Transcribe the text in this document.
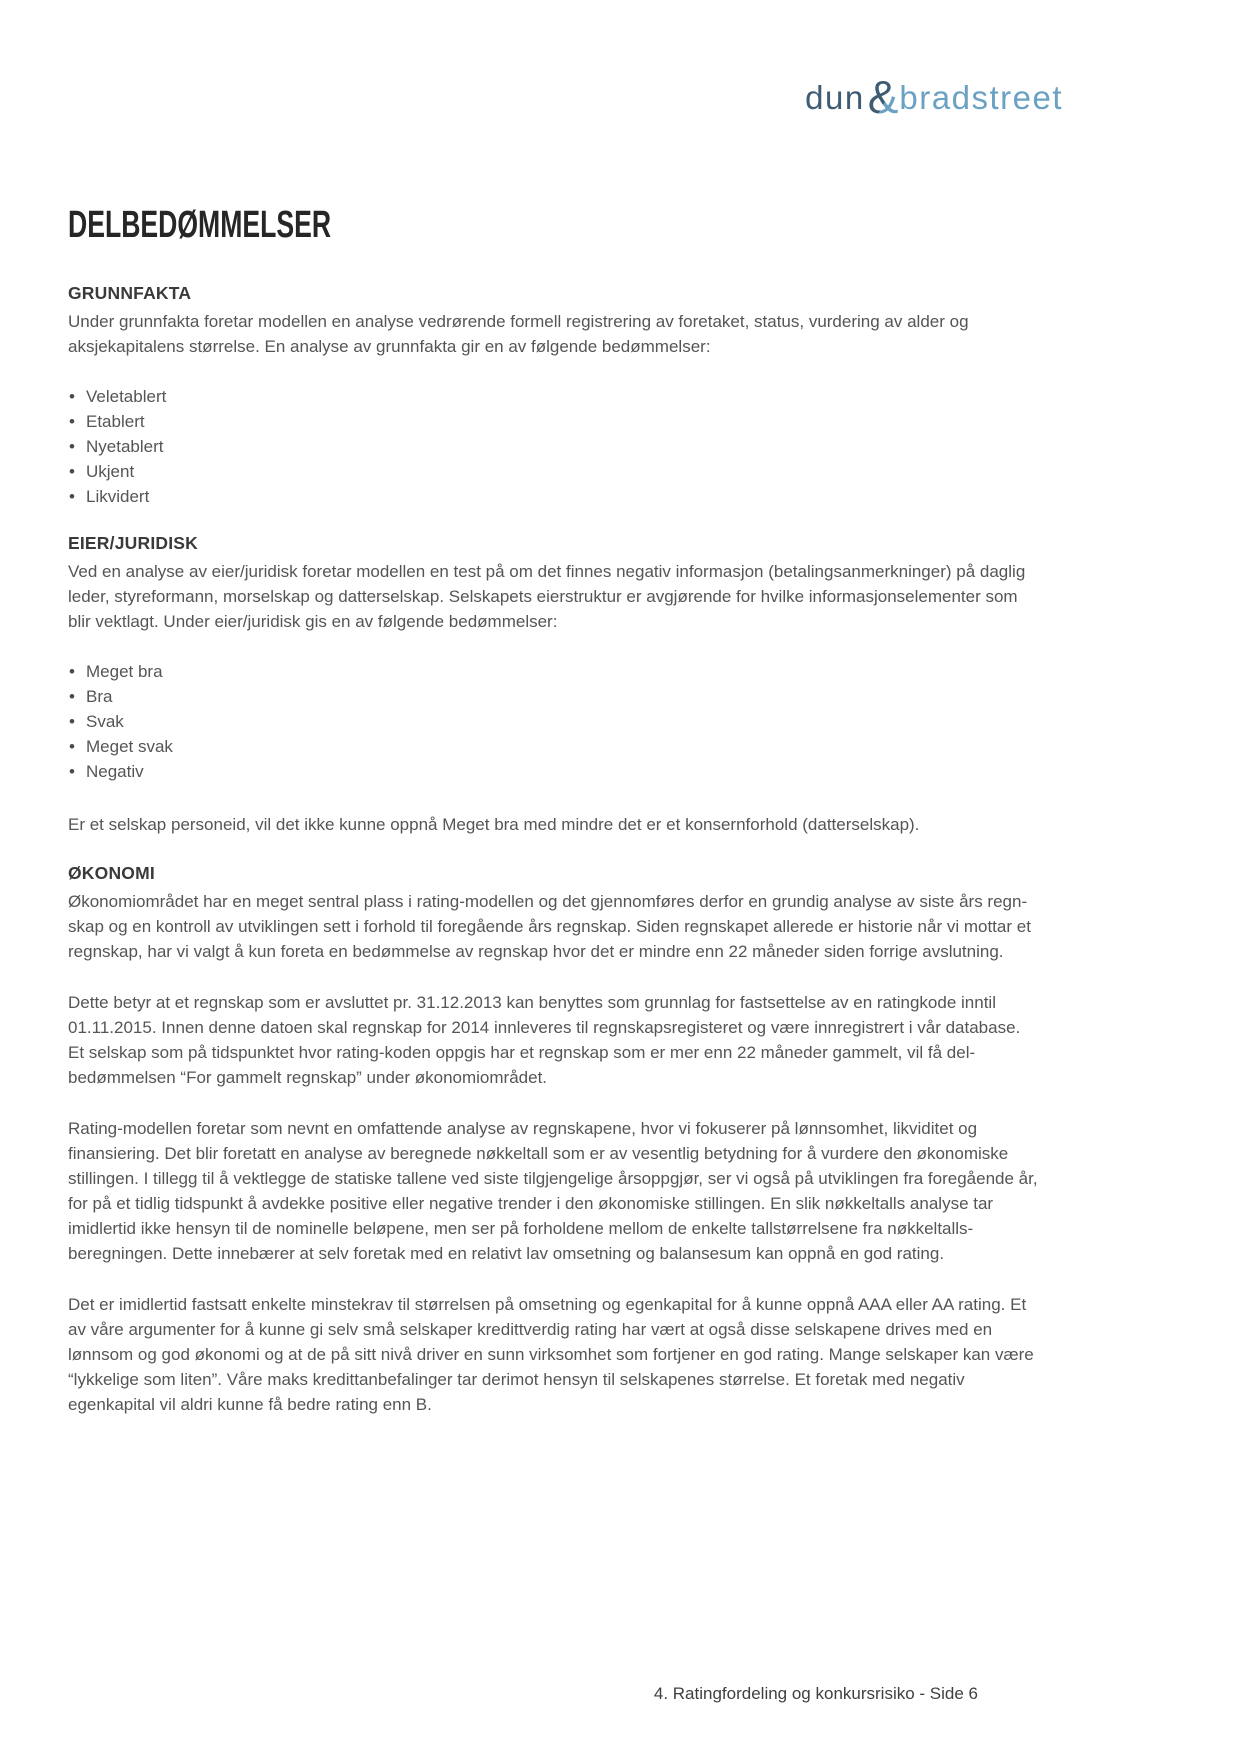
dun&bradstreet
DELBEDØMMELSER
GRUNNFAKTA

Under grunnfakta foretar modellen en analyse vedrørende formell registrering av foretaket, status, vurdering av alder og aksjekapitalens størrelse. En analyse av grunnfakta gir en av følgende bedømmelser:

• Veletablert
• Etablert
• Nyetablert
• Ukjent
• Likvidert
EIER/JURIDISK

Ved en analyse av eier/juridisk foretar modellen en test på om det finnes negativ informasjon (betalingsanmerkninger) på daglig leder, styreformann, morselskap og datterselskap. Selskapets eierstruktur er avgjørende for hvilke informasjonselementer som blir vektlagt. Under eier/juridisk gis en av følgende bedømmelser:

• Meget bra
• Bra
• Svak
• Meget svak
• Negativ

Er et selskap personeid, vil det ikke kunne oppnå Meget bra med mindre det er et konsernforhold (datterselskap).

ØKONOMI

Økonomiområdet har en meget sentral plass i rating-modellen og det gjennomføres derfor en grundig analyse av siste års regn- skap og en kontroll av utviklingen sett i forhold til foregående års regnskap. Siden regnskapet allerede er historie når vi mottar et regnskap, har vi valgt å kun foreta en bedømmelse av regnskap hvor det er mindre enn 22 måneder siden forrige avslutning.

Dette betyr at et regnskap som er avsluttet pr. 31.12.2013 kan benyttes som grunnlag for fastsettelse av en ratingkode inntil 01.11.2015. Innen denne datoen skal regnskap for 2014 innleveres til regnskapsregisteret og være innregistrert i vår database. Et selskap som på tidspunktet hvor rating-koden oppgis har et regnskap som er mer enn 22 måneder gammelt, vil få del- bedømmelsen “For gammelt regnskap” under økonomiområdet.

Rating-modellen foretar som nevnt en omfattende analyse av regnskapene, hvor vi fokuserer på lønnsomhet, likviditet og finansiering. Det blir foretatt en analyse av beregnede nøkkeltall som er av vesentlig betydning for å vurdere den økonomiske stillingen. I tillegg til å vektlegge de statiske tallene ved siste tilgjengelige årsoppgjør, ser vi også på utviklingen fra foregående år, for på et tidlig tidspunkt å avdekke positive eller negative trender i den økonomiske stillingen. En slik nøkkeltalls analyse tar imidlertid ikke hensyn til de nominelle beløpene, men ser på forholdene mellom de enkelte tallstørrelsene fra nøkkeltalls- beregningen. Dette innebærer at selv foretak med en relativt lav omsetning og balansesum kan oppnå en god rating.

Det er imidlertid fastsatt enkelte minstekrav til størrelsen på omsetning og egenkapital for å kunne oppnå AAA eller AA rating. Et av våre argumenter for å kunne gi selv små selskaper kredittverdig rating har vært at også disse selskapene drives med en lønnsom og god økonomi og at de på sitt nivå driver en sunn virksomhet som fortjener en god rating. Mange selskaper kan være “lykkelige som liten”. Våre maks kredittanbefalinger tar derimot hensyn til selskapenes størrelse. Et foretak med negativ egenkapital vil aldri kunne få bedre rating enn B.

4. Ratingfordeling og konkursrisiko - Side 6
